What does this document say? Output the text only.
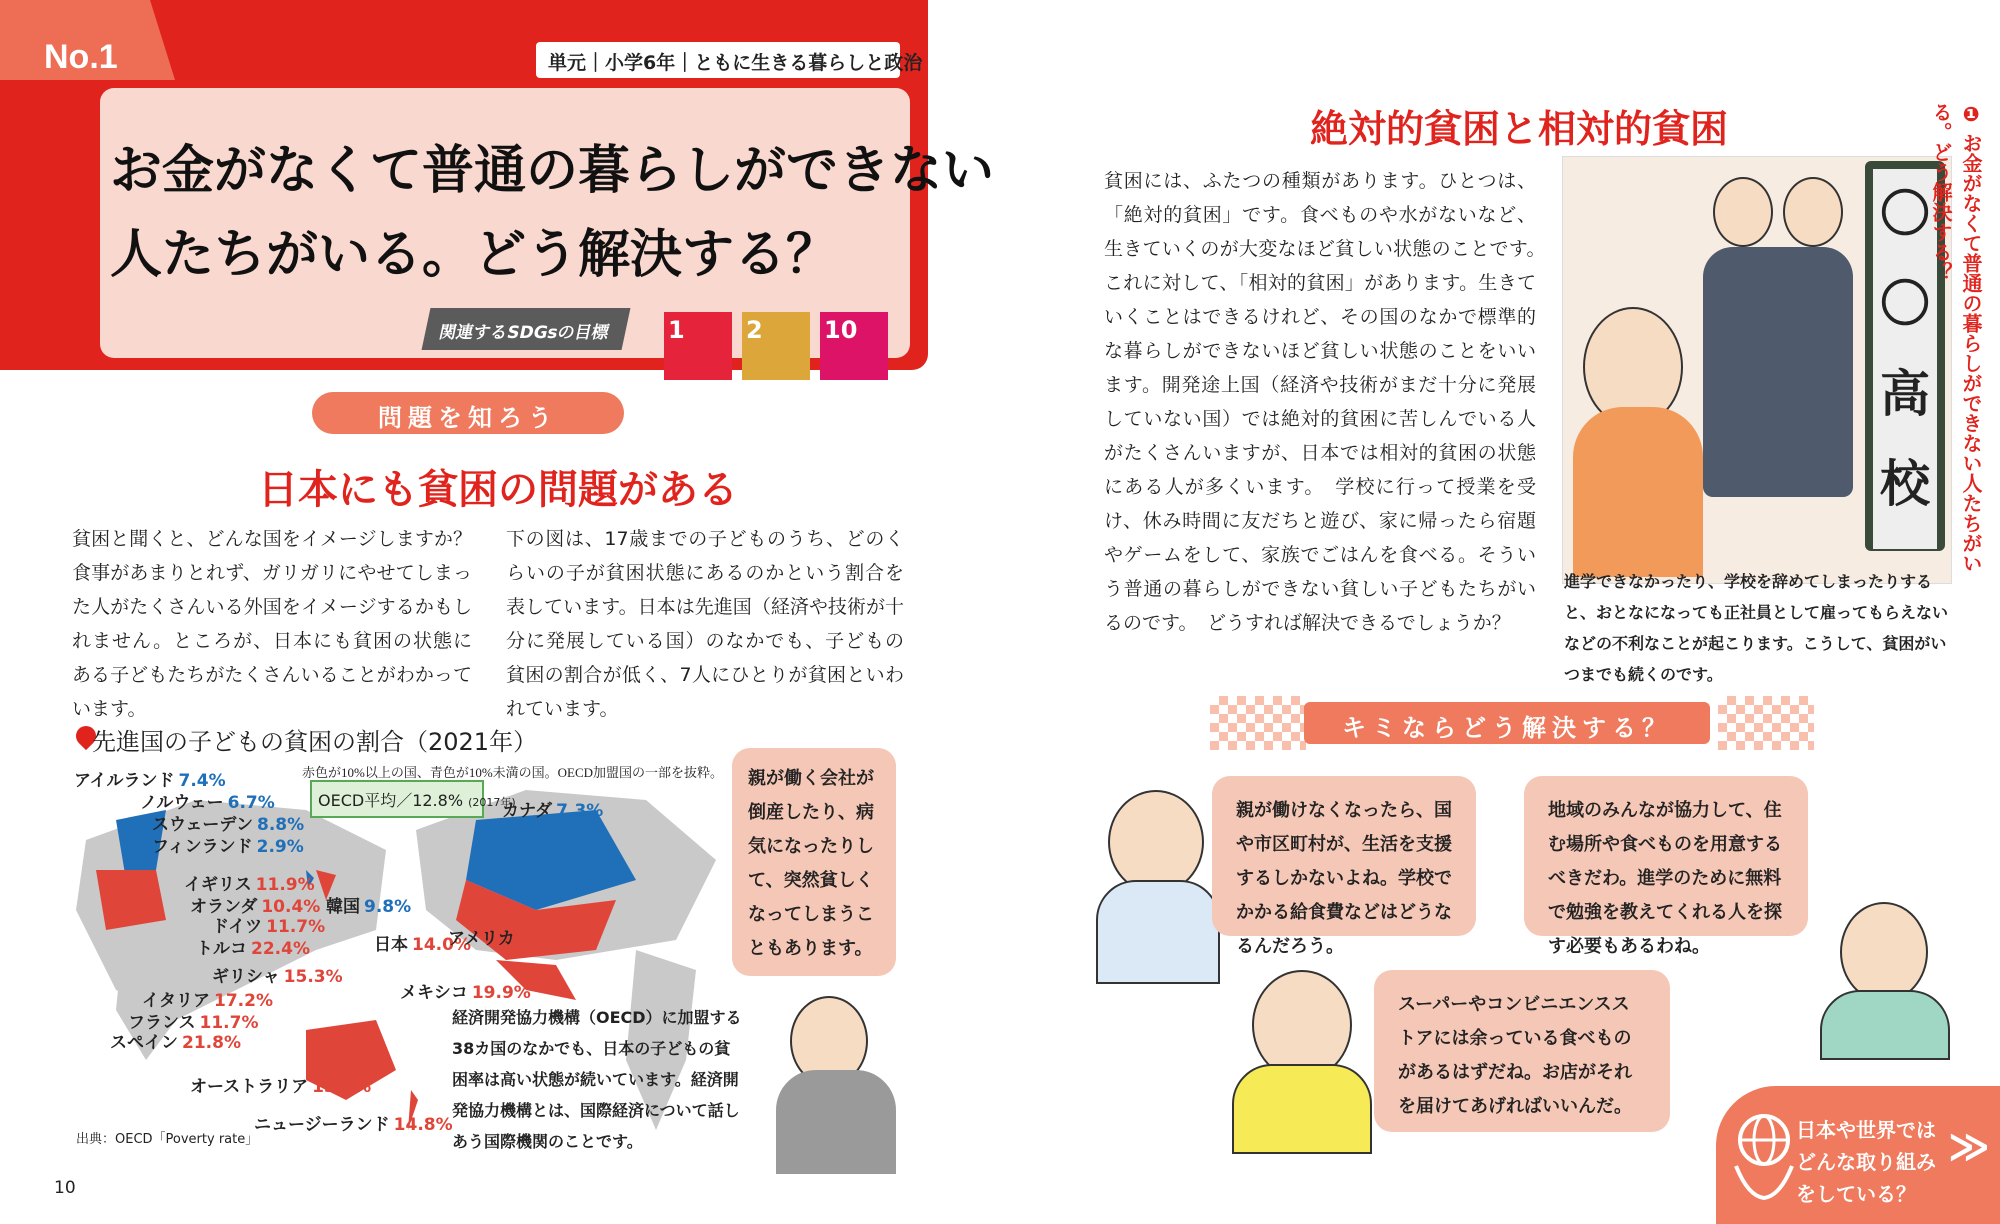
No.1	単元｜小学6年｜ともに生きる暮らしと政治
お金がなくて普通の暮らしができない
人たちがいる。どう解決する？
関連するSDGsの目標	1	2	10
問題を知ろう
日本にも貧困の問題がある
貧困と聞くと、どんな国をイメージしますか？食事があまりとれず、ガリガリにやせてしまった人がたくさんいる外国をイメージするかもしれません。ところが、日本にも貧困の状態にある子どもたちがたくさんいることがわかっています。
下の図は、17歳までの子どものうち、どのくらいの子が貧困状態にあるのかという割合を表しています。日本は先進国（経済や技術が十分に発展している国）のなかでも、子どもの貧困の割合が低く、7人にひとりが貧困といわれています。
先進国の子どもの貧困の割合（2021年）
赤色が10%以上の国、青色が10%未満の国。OECD加盟国の一部を抜粋。
OECD平均／12.8% (2017年)
アイルランド 7.4%
ノルウェー 6.7%
スウェーデン 8.8%
フィンランド 2.9%
イギリス 11.9%
オランダ 10.4%
ドイツ 11.7%
トルコ 22.4%
ギリシャ 15.3%
イタリア 17.2%
フランス 11.7%
スペイン 21.8%
韓国 9.8%
日本 14.0%
カナダ 7.3%
アメリカ 13.7%
メキシコ 19.9%
オーストラリア 13.3%
ニュージーランド 14.8%
出典：OECD「Poverty rate」
経済開発協力機構（OECD）に加盟する38カ国のなかでも、日本の子どもの貧困率は高い状態が続いています。経済開発協力機構とは、国際経済について話しあう国際機関のことです。
親が働く会社が倒産したり、病気になったりして、突然貧しくなってしまうこともあります。
10
絶対的貧困と相対的貧困
貧困には、ふたつの種類があります。ひとつは、「絶対的貧困」です。食べものや水がないなど、生きていくのが大変なほど貧しい状態のことです。　これに対して、「相対的貧困」があります。生きていくことはできるけれど、その国のなかで標準的な暮らしができないほど貧しい状態のことをいいます。開発途上国（経済や技術がまだ十分に発展していない国）では絶対的貧困に苦しんでいる人がたくさんいますが、日本では相対的貧困の状態にある人が多くいます。　学校に行って授業を受け、休み時間に友だちと遊び、家に帰ったら宿題やゲームをして、家族でごはんを食べる。そういう普通の暮らしができない貧しい子どもたちがいるのです。　どうすれば解決できるでしょうか？
〇
〇
高
校
進学できなかったり、学校を辞めてしまったりすると、おとなになっても正社員として雇ってもらえないなどの不利なことが起こります。こうして、貧困がいつまでも続くのです。
❶ お金がなくて普通の暮らしができない人たちがいる。どう解決する？
キミならどう解決する？
親が働けなくなったら、国や市区町村が、生活を支援するしかないよね。学校でかかる給食費などはどうなるんだろう。
地域のみんなが協力して、住む場所や食べものを用意するべきだわ。進学のために無料で勉強を教えてくれる人を探す必要もあるわね。
スーパーやコンビニエンスストアには余っている食べものがあるはずだね。お店がそれを届けてあげればいいんだ。
日本や世界ではどんな取り組みをしている？
≫
